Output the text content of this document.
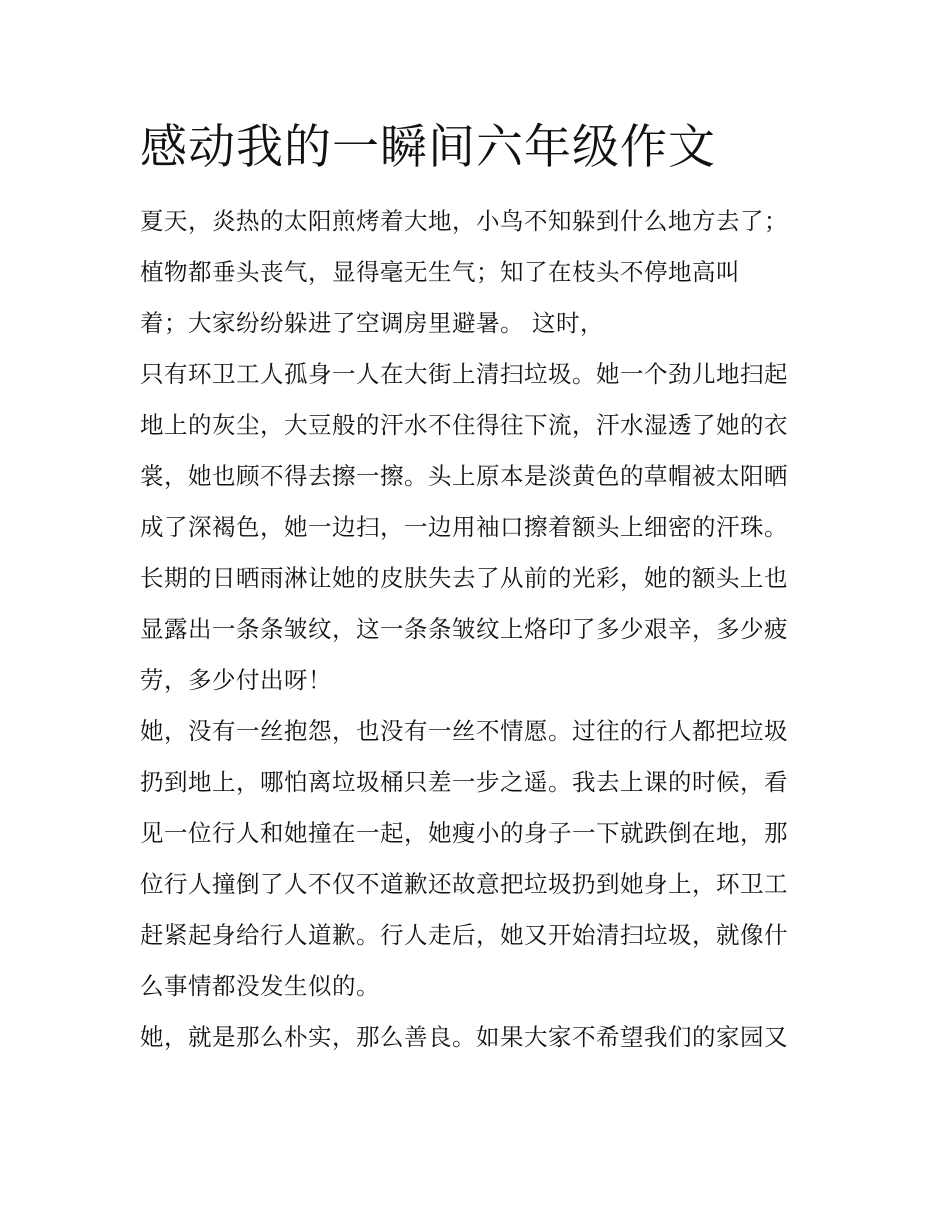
感动我的一瞬间六年级作文
夏天，炎热的太阳煎烤着大地，小鸟不知躲到什么地方去了；
植物都垂头丧气，显得毫无生气；知了在枝头不停地高叫
着；大家纷纷躲进了空调房里避暑。 这时，
只有环卫工人孤身一人在大街上清扫垃圾。她一个劲儿地扫起
地上的灰尘，大豆般的汗水不住得往下流，汗水湿透了她的衣
裳，她也顾不得去擦一擦。头上原本是淡黄色的草帽被太阳晒
成了深褐色，她一边扫，一边用袖口擦着额头上细密的汗珠。
长期的日晒雨淋让她的皮肤失去了从前的光彩，她的额头上也
显露出一条条皱纹，这一条条皱纹上烙印了多少艰辛，多少疲
劳，多少付出呀！
她，没有一丝抱怨，也没有一丝不情愿。过往的行人都把垃圾
扔到地上，哪怕离垃圾桶只差一步之遥。我去上课的时候，看
见一位行人和她撞在一起，她瘦小的身子一下就跌倒在地，那
位行人撞倒了人不仅不道歉还故意把垃圾扔到她身上，环卫工
赶紧起身给行人道歉。行人走后，她又开始清扫垃圾，就像什
么事情都没发生似的。
她，就是那么朴实，那么善良。如果大家不希望我们的家园又
